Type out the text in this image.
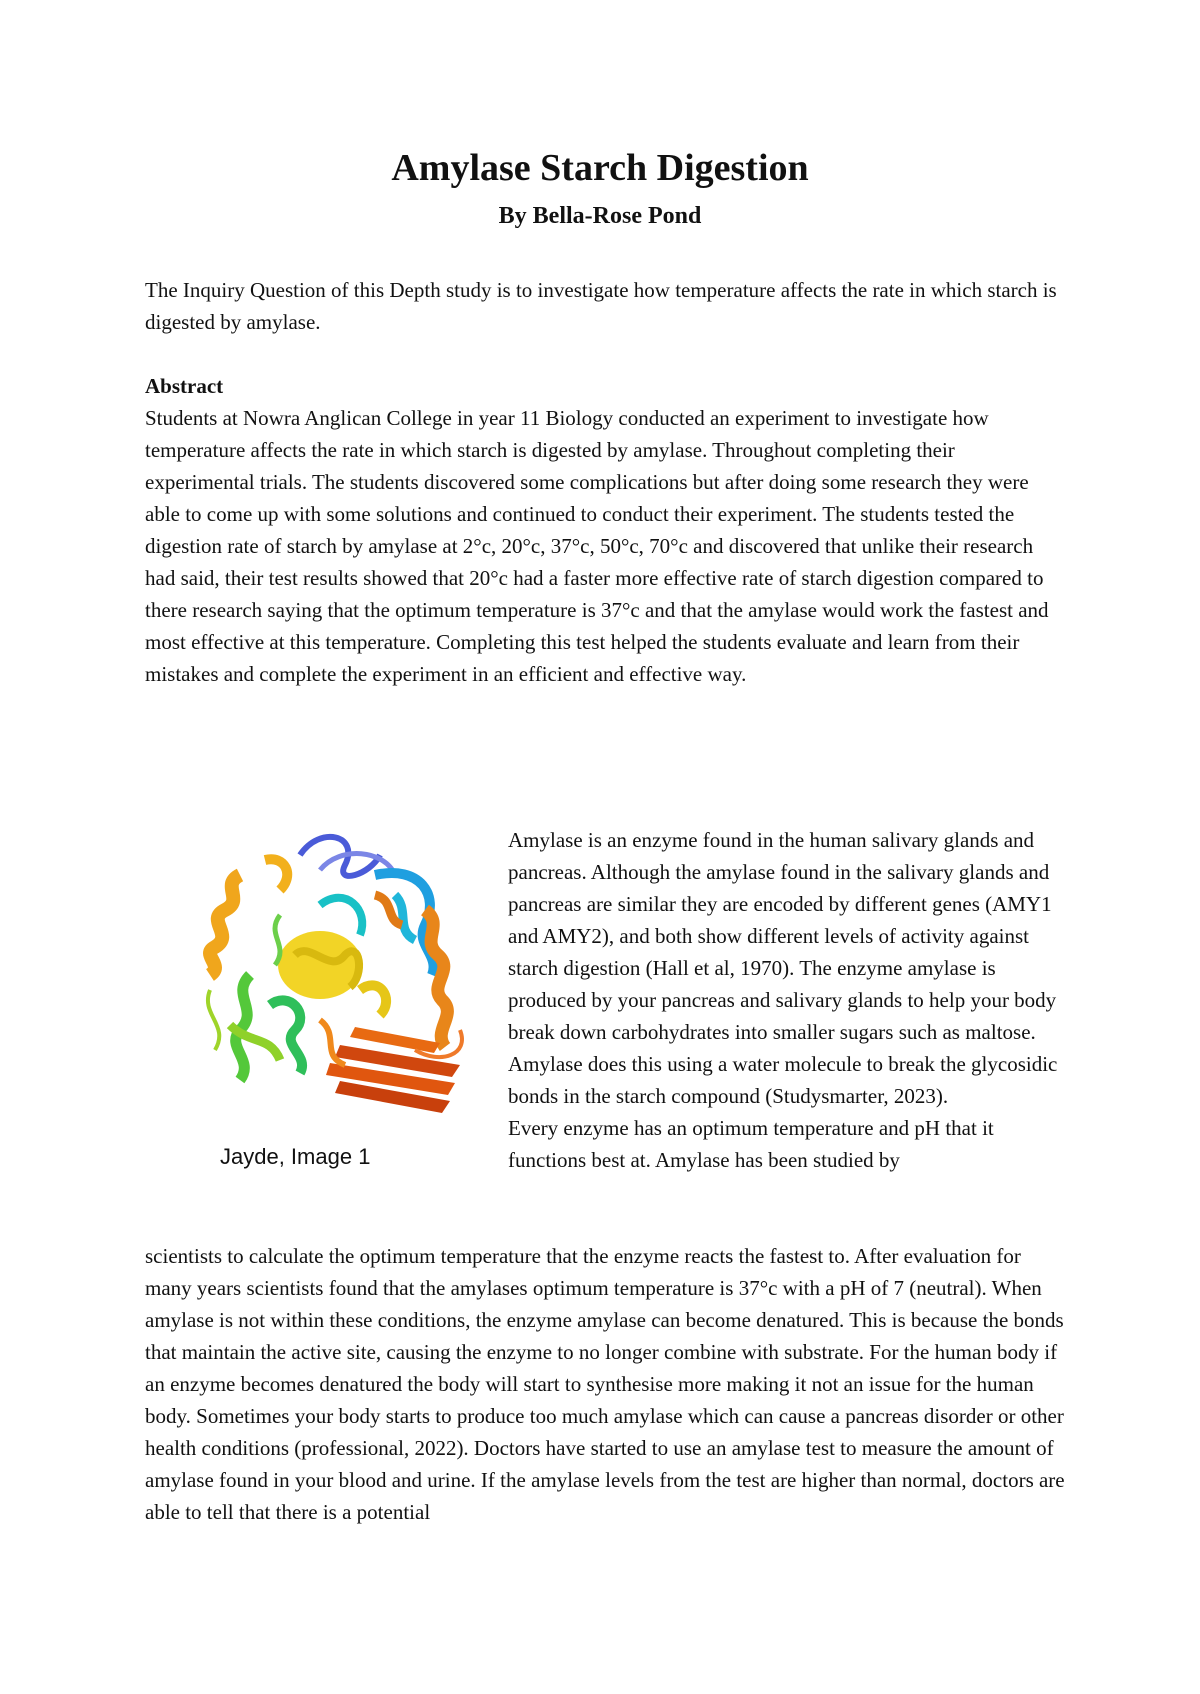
Amylase Starch Digestion
By Bella-Rose Pond

The Inquiry Question of this Depth study is to investigate how temperature affects the rate in which starch is digested by amylase.

Abstract

Students at Nowra Anglican College in year 11 Biology conducted an experiment to investigate how temperature affects the rate in which starch is digested by amylase. Throughout completing their experimental trials. The students discovered some complications but after doing some research they were able to come up with some solutions and continued to conduct their experiment. The students tested the digestion rate of starch by amylase at 2°c, 20°c, 37°c, 50°c, 70°c and discovered that unlike their research had said, their test results showed that 20°c had a faster more effective rate of starch digestion compared to there research saying that the optimum temperature is 37°c and that the amylase would work the fastest and most effective at this temperature. Completing this test helped the students evaluate and learn from their mistakes and complete the experiment in an efficient and effective way.

Jayde, Image 1

Amylase is an enzyme found in the human salivary glands and pancreas. Although the amylase found in the salivary glands and pancreas are similar they are encoded by different genes (AMY1 and AMY2), and both show different levels of activity against starch digestion (Hall et al, 1970). The enzyme amylase is produced by your pancreas and salivary glands to help your body break down carbohydrates into smaller sugars such as maltose. Amylase does this using a water molecule to break the glycosidic bonds in the starch compound (Studysmarter, 2023).

Every enzyme has an optimum temperature and pH that it functions best at. Amylase has been studied by

scientists to calculate the optimum temperature that the enzyme reacts the fastest to. After evaluation for many years scientists found that the amylases optimum temperature is 37°c with a pH of 7 (neutral). When amylase is not within these conditions, the enzyme amylase can become denatured. This is because the bonds that maintain the active site, causing the enzyme to no longer combine with substrate. For the human body if an enzyme becomes denatured the body will start to synthesise more making it not an issue for the human body. Sometimes your body starts to produce too much amylase which can cause a pancreas disorder or other health conditions (professional, 2022). Doctors have started to use an amylase test to measure the amount of amylase found in your blood and urine. If the amylase levels from the test are higher than normal, doctors are able to tell that there is a potential
